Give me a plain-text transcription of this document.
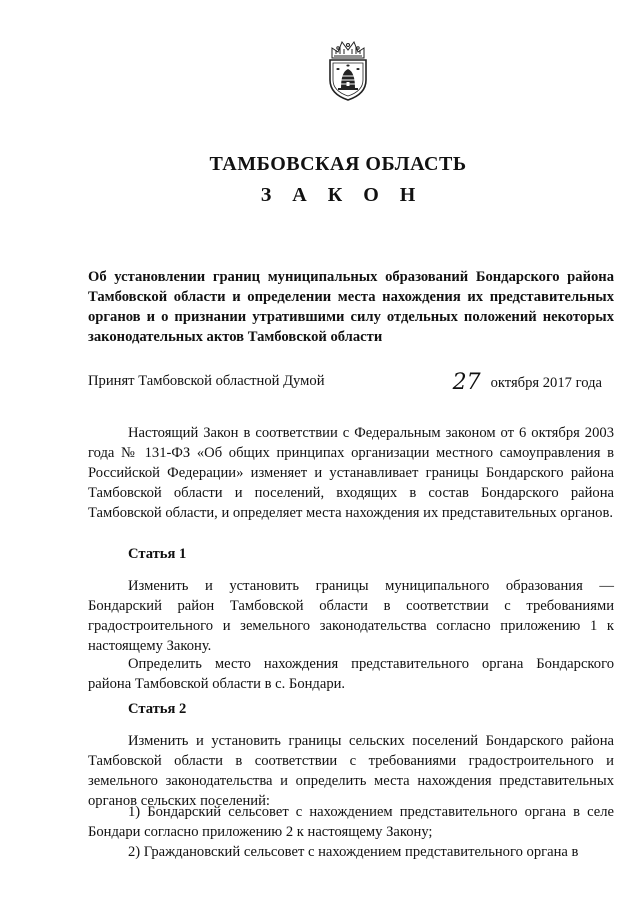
ТАМБОВСКАЯ ОБЛАСТЬ
З А К О Н
Об установлении границ муниципальных образований Бондарского района Тамбовской области и определении места нахождения их представительных органов и о признании утратившими силу отдельных положений некоторых законодательных актов Тамбовской области
Принят Тамбовской областной Думой	27 октября 2017 года

Настоящий Закон в соответствии с Федеральным законом от 6 октября 2003 года № 131-ФЗ «Об общих принципах организации местного самоуправления в Российской Федерации» изменяет и устанавливает границы Бондарского района Тамбовской области и поселений, входящих в состав Бондарского района Тамбовской области, и определяет места нахождения их представительных органов.

Статья 1

Изменить и установить границы муниципального образования — Бондарский район Тамбовской области в соответствии с требованиями градостроительного и земельного законодательства согласно приложению 1 к настоящему Закону.

Определить место нахождения представительного органа Бондарского района Тамбовской области в с. Бондари.

Статья 2

Изменить и установить границы сельских поселений Бондарского района Тамбовской области в соответствии с требованиями градостроительного и земельного законодательства и определить места нахождения представительных органов сельских поселений:

1) Бондарский сельсовет с нахождением представительного органа в селе Бондари согласно приложению 2 к настоящему Закону;

2) Граждановский сельсовет с нахождением представительного органа в
